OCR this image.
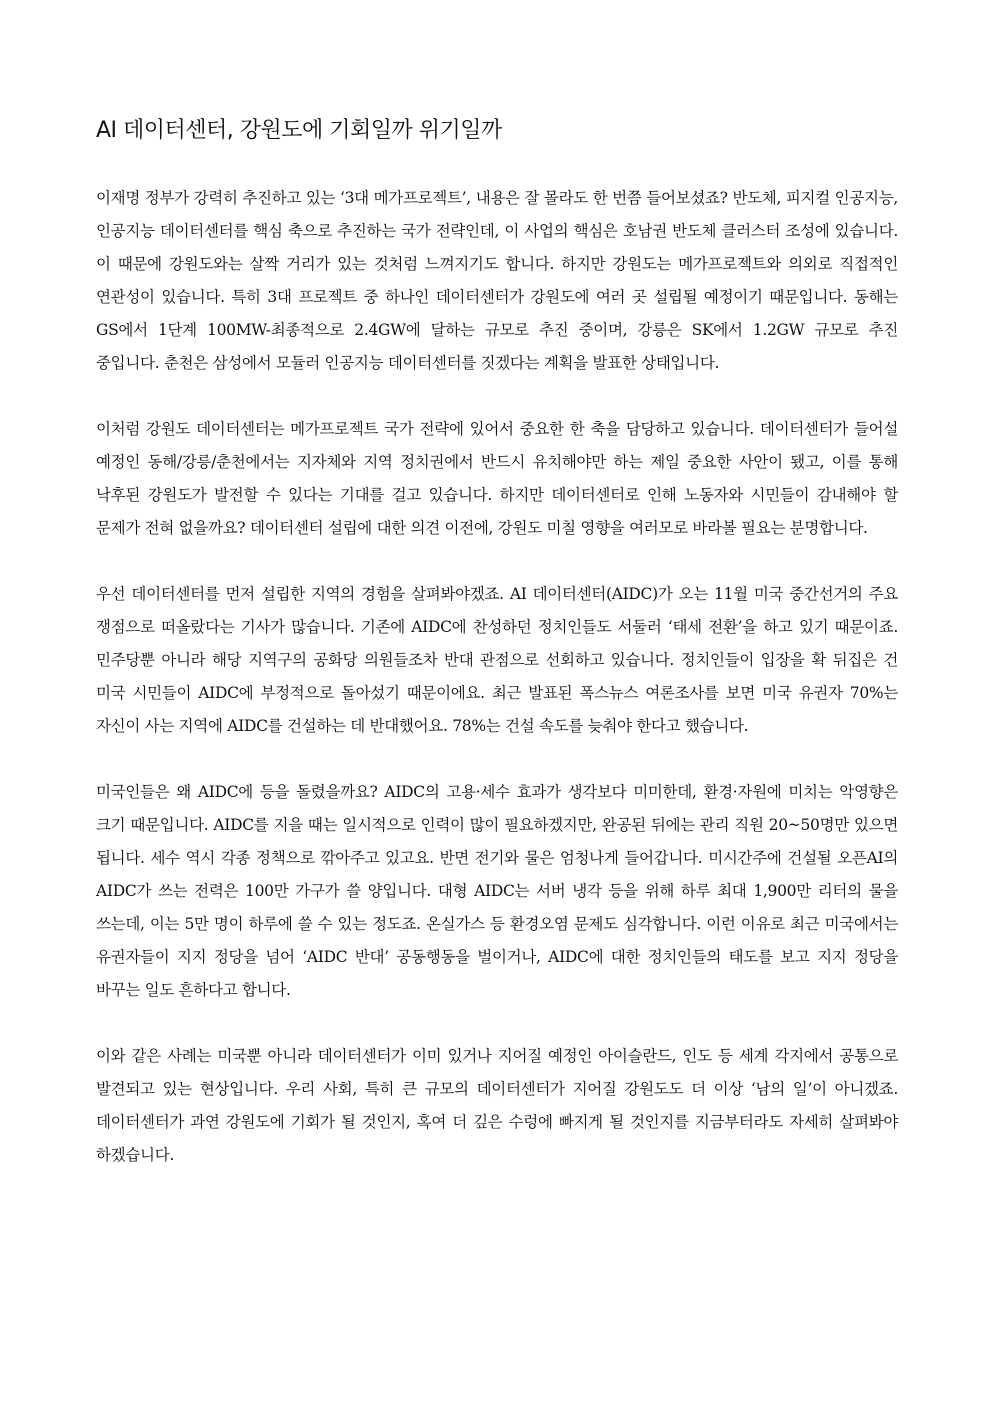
AI 데이터센터, 강원도에 기회일까 위기일까

이재명 정부가 강력히 추진하고 있는 ‘3대 메가프로젝트’, 내용은 잘 몰라도 한 번쯤 들어보셨죠? 반도체, 피지컬 인공지능, 인공지능 데이터센터를 핵심 축으로 추진하는 국가 전략인데, 이 사업의 핵심은 호남권 반도체 클러스터 조성에 있습니다. 이 때문에 강원도와는 살짝 거리가 있는 것처럼 느껴지기도 합니다. 하지만 강원도는 메가프로젝트와 의외로 직접적인 연관성이 있습니다. 특히 3대 프로젝트 중 하나인 데이터센터가 강원도에 여러 곳 설립될 예정이기 때문입니다. 동해는 GS에서 1단계 100MW-최종적으로 2.4GW에 달하는 규모로 추진 중이며, 강릉은 SK에서 1.2GW 규모로 추진 중입니다. 춘천은 삼성에서 모듈러 인공지능 데이터센터를 짓겠다는 계획을 발표한 상태입니다.

이처럼 강원도 데이터센터는 메가프로젝트 국가 전략에 있어서 중요한 한 축을 담당하고 있습니다. 데이터센터가 들어설 예정인 동해/강릉/춘천에서는 지자체와 지역 정치권에서 반드시 유치해야만 하는 제일 중요한 사안이 됐고, 이를 통해 낙후된 강원도가 발전할 수 있다는 기대를 걸고 있습니다. 하지만 데이터센터로 인해 노동자와 시민들이 감내해야 할 문제가 전혀 없을까요? 데이터센터 설립에 대한 의견 이전에, 강원도 미칠 영향을 여러모로 바라볼 필요는 분명합니다.

우선 데이터센터를 먼저 설립한 지역의 경험을 살펴봐야겠죠. AI 데이터센터(AIDC)가 오는 11월 미국 중간선거의 주요 쟁점으로 떠올랐다는 기사가 많습니다. 기존에 AIDC에 찬성하던 정치인들도 서둘러 ‘태세 전환’을 하고 있기 때문이죠. 민주당뿐 아니라 해당 지역구의 공화당 의원들조차 반대 관점으로 선회하고 있습니다. 정치인들이 입장을 확 뒤집은 건 미국 시민들이 AIDC에 부정적으로 돌아섰기 때문이에요. 최근 발표된 폭스뉴스 여론조사를 보면 미국 유권자 70%는 자신이 사는 지역에 AIDC를 건설하는 데 반대했어요. 78%는 건설 속도를 늦춰야 한다고 했습니다.

미국인들은 왜 AIDC에 등을 돌렸을까요? AIDC의 고용·세수 효과가 생각보다 미미한데, 환경·자원에 미치는 악영향은 크기 때문입니다. AIDC를 지을 때는 일시적으로 인력이 많이 필요하겠지만, 완공된 뒤에는 관리 직원 20~50명만 있으면 됩니다. 세수 역시 각종 정책으로 깎아주고 있고요. 반면 전기와 물은 엄청나게 들어갑니다. 미시간주에 건설될 오픈AI의 AIDC가 쓰는 전력은 100만 가구가 쓸 양입니다. 대형 AIDC는 서버 냉각 등을 위해 하루 최대 1,900만 리터의 물을 쓰는데, 이는 5만 명이 하루에 쓸 수 있는 정도죠. 온실가스 등 환경오염 문제도 심각합니다. 이런 이유로 최근 미국에서는 유권자들이 지지 정당을 넘어 ‘AIDC 반대’ 공동행동을 벌이거나, AIDC에 대한 정치인들의 태도를 보고 지지 정당을 바꾸는 일도 흔하다고 합니다.

이와 같은 사례는 미국뿐 아니라 데이터센터가 이미 있거나 지어질 예정인 아이슬란드, 인도 등 세계 각지에서 공통으로 발견되고 있는 현상입니다. 우리 사회, 특히 큰 규모의 데이터센터가 지어질 강원도도 더 이상 ‘남의 일’이 아니겠죠. 데이터센터가 과연 강원도에 기회가 될 것인지, 혹여 더 깊은 수렁에 빠지게 될 것인지를 지금부터라도 자세히 살펴봐야 하겠습니다.
